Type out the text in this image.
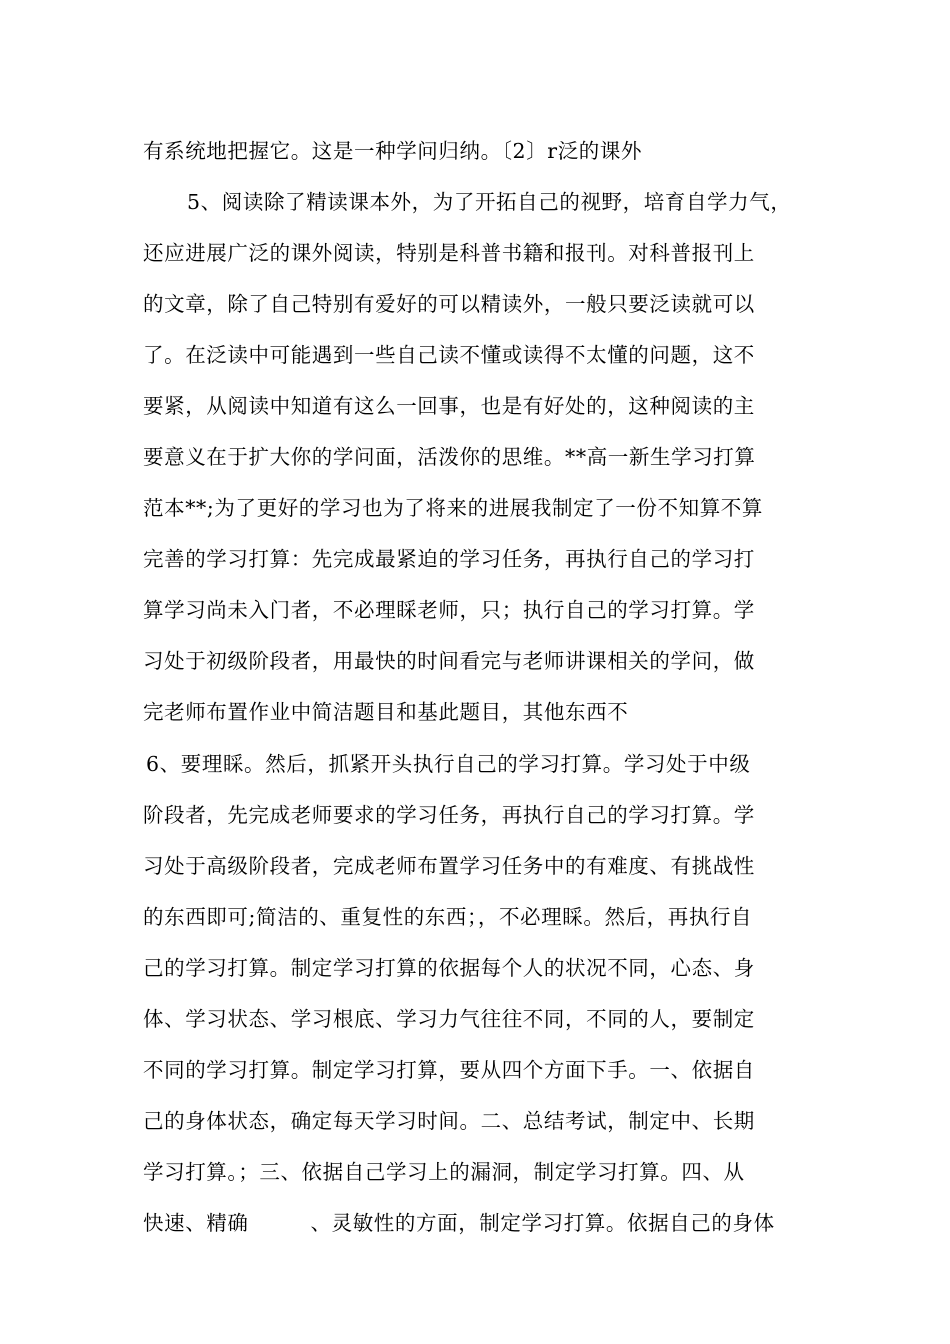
有系统地把握它。这是一种学问归纳。〔2〕r泛的课外
5、阅读除了精读课本外，为了开拓自己的视野，培育自学力气，
还应进展广泛的课外阅读，特别是科普书籍和报刊。对科普报刊上
的文章，除了自己特别有爱好的可以精读外，一般只要泛读就可以
了。在泛读中可能遇到一些自己读不懂或读得不太懂的问题，这不
要紧，从阅读中知道有这么一回事，也是有好处的，这种阅读的主
要意义在于扩大你的学问面，活泼你的思维。**高一新生学习打算
范本**;为了更好的学习也为了将来的进展我制定了一份不知算不算
完善的学习打算：先完成最紧迫的学习任务，再执行自己的学习打
算学习尚未入门者，不必理睬老师，只；执行自己的学习打算。学
习处于初级阶段者，用最快的时间看完与老师讲课相关的学问，做
完老师布置作业中简洁题目和基此题目，其他东西不
6、要理睬。然后，抓紧开头执行自己的学习打算。学习处于中级
阶段者，先完成老师要求的学习任务，再执行自己的学习打算。学
习处于高级阶段者，完成老师布置学习任务中的有难度、有挑战性
的东西即可;简洁的、重复性的东西；，不必理睬。然后，再执行自
己的学习打算。制定学习打算的依据每个人的状况不同，心态、身
体、学习状态、学习根底、学习力气往往不同，不同的人，要制定
不同的学习打算。制定学习打算，要从四个方面下手。一、依据自
己的身体状态，确定每天学习时间。二、总结考试，制定中、长期
学习打算。；三、依据自己学习上的漏洞，制定学习打算。四、从
快速、精确	、灵敏性的方面，制定学习打算。依据自己的身体
